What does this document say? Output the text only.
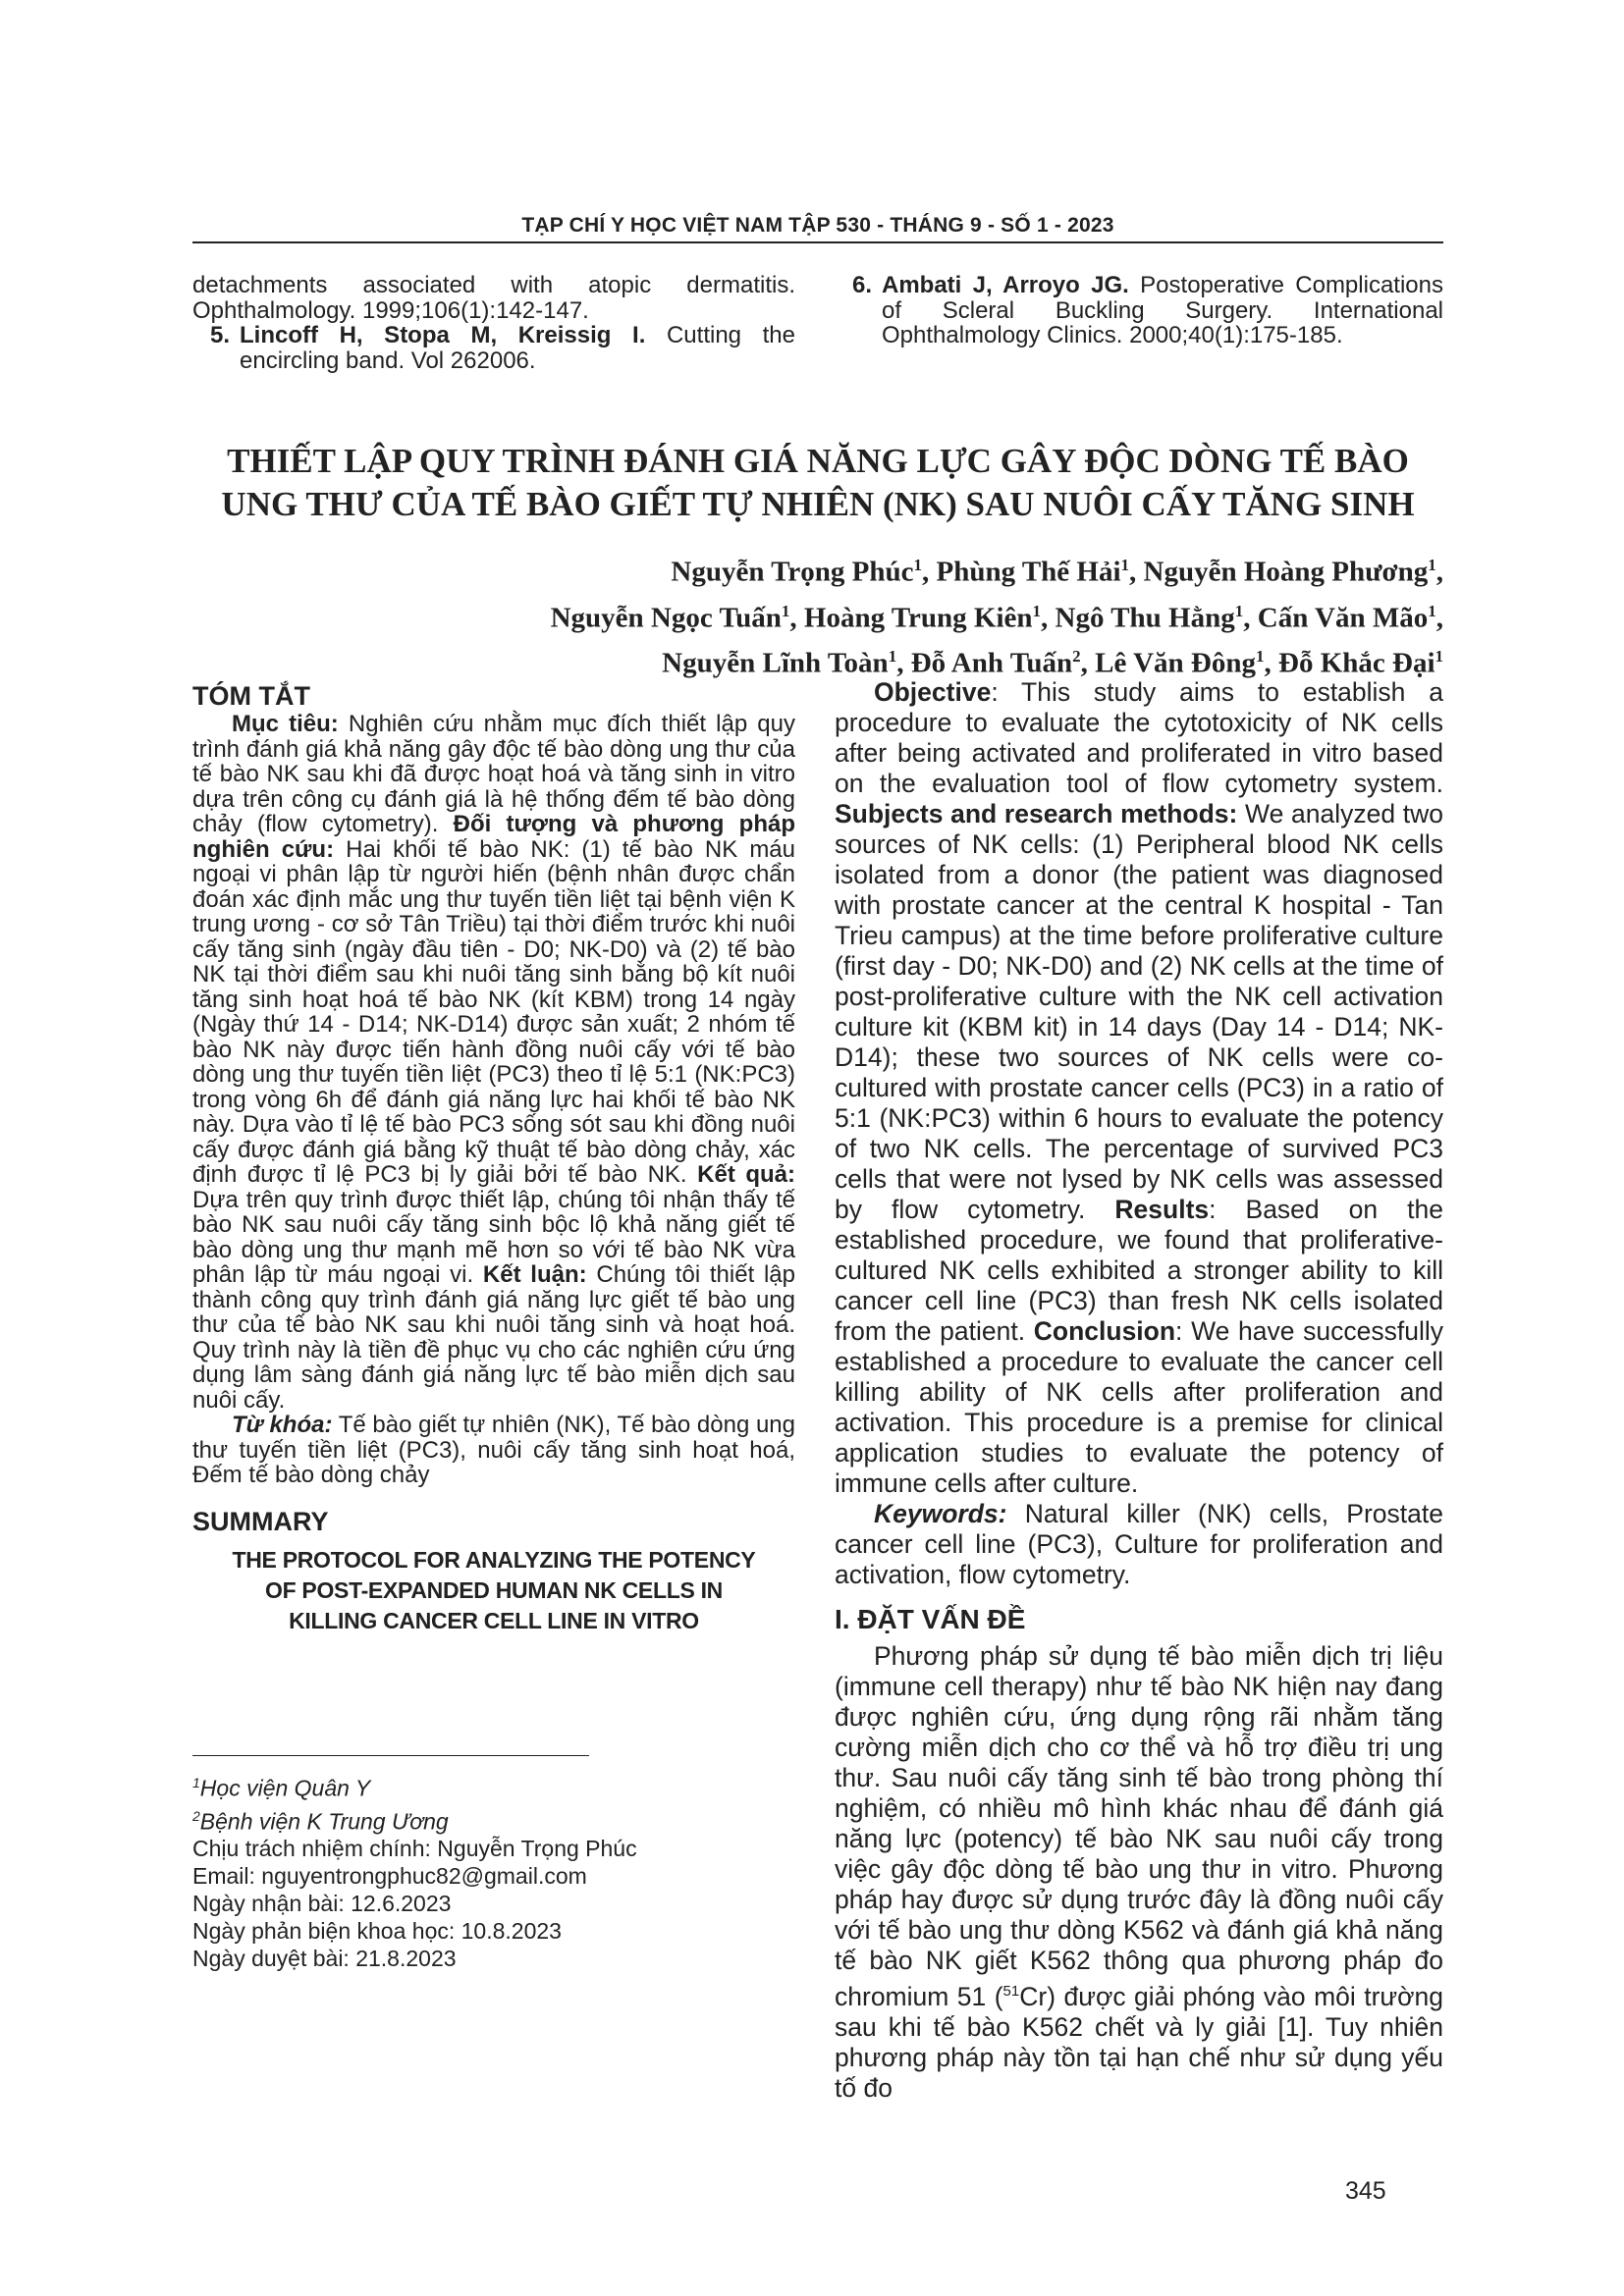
TẠP CHÍ Y HỌC VIỆT NAM TẬP 530 - THÁNG 9 - SỐ 1 - 2023
detachments associated with atopic dermatitis. Ophthalmology. 1999;106(1):142-147.
5. Lincoff H, Stopa M, Kreissig I. Cutting the encircling band. Vol 262006.
6. Ambati J, Arroyo JG. Postoperative Complications of Scleral Buckling Surgery. International Ophthalmology Clinics. 2000;40(1):175-185.
THIẾT LẬP QUY TRÌNH ĐÁNH GIÁ NĂNG LỰC GÂY ĐỘC DÒNG TẾ BÀO
UNG THƯ CỦA TẾ BÀO GIẾT TỰ NHIÊN (NK) SAU NUÔI CẤY TĂNG SINH
Nguyễn Trọng Phúc$^1$, Phùng Thế Hải$^1$, Nguyễn Hoàng Phương$^1$,
Nguyễn Ngọc Tuấn$^1$, Hoàng Trung Kiên$^1$, Ngô Thu Hằng$^1$, Cấn Văn Mão$^1$,
Nguyễn Lĩnh Toàn$^1$, Đỗ Anh Tuấn$^2$, Lê Văn Đông$^1$, Đỗ Khắc Đại$^1$
TÓM TẮT

Mục tiêu: Nghiên cứu nhằm mục đích thiết lập quy trình đánh giá khả năng gây độc tế bào dòng ung thư của tế bào NK sau khi đã được hoạt hoá và tăng sinh in vitro dựa trên công cụ đánh giá là hệ thống đếm tế bào dòng chảy (flow cytometry). Đối tượng và phương pháp nghiên cứu: Hai khối tế bào NK: (1) tế bào NK máu ngoại vi phân lập từ người hiến (bệnh nhân được chẩn đoán xác định mắc ung thư tuyến tiền liệt tại bệnh viện K trung ương - cơ sở Tân Triều) tại thời điểm trước khi nuôi cấy tăng sinh (ngày đầu tiên - D0; NK-D0) và (2) tế bào NK tại thời điểm sau khi nuôi tăng sinh bằng bộ kít nuôi tăng sinh hoạt hoá tế bào NK (kít KBM) trong 14 ngày (Ngày thứ 14 - D14; NK-D14) được sản xuất; 2 nhóm tế bào NK này được tiến hành đồng nuôi cấy với tế bào dòng ung thư tuyến tiền liệt (PC3) theo tỉ lệ 5:1 (NK:PC3) trong vòng 6h để đánh giá năng lực hai khối tế bào NK này. Dựa vào tỉ lệ tế bào PC3 sống sót sau khi đồng nuôi cấy được đánh giá bằng kỹ thuật tế bào dòng chảy, xác định được tỉ lệ PC3 bị ly giải bởi tế bào NK. Kết quả: Dựa trên quy trình được thiết lập, chúng tôi nhận thấy tế bào NK sau nuôi cấy tăng sinh bộc lộ khả năng giết tế bào dòng ung thư mạnh mẽ hơn so với tế bào NK vừa phân lập từ máu ngoại vi. Kết luận: Chúng tôi thiết lập thành công quy trình đánh giá năng lực giết tế bào ung thư của tế bào NK sau khi nuôi tăng sinh và hoạt hoá. Quy trình này là tiền đề phục vụ cho các nghiên cứu ứng dụng lâm sàng đánh giá năng lực tế bào miễn dịch sau nuôi cấy.

Từ khóa: Tế bào giết tự nhiên (NK), Tế bào dòng ung thư tuyến tiền liệt (PC3), nuôi cấy tăng sinh hoạt hoá, Đếm tế bào dòng chảy

SUMMARY
THE PROTOCOL FOR ANALYZING THE POTENCY
OF POST-EXPANDED HUMAN NK CELLS IN
KILLING CANCER CELL LINE IN VITRO
$^1$Học viện Quân Y
$^2$Bệnh viện K Trung Ương
Chịu trách nhiệm chính: Nguyễn Trọng Phúc
Email: nguyentrongphuc82@gmail.com
Ngày nhận bài: 12.6.2023
Ngày phản biện khoa học: 10.8.2023
Ngày duyệt bài: 21.8.2023

Objective: This study aims to establish a procedure to evaluate the cytotoxicity of NK cells after being activated and proliferated in vitro based on the evaluation tool of flow cytometry system. Subjects and research methods: We analyzed two sources of NK cells: (1) Peripheral blood NK cells isolated from a donor (the patient was diagnosed with prostate cancer at the central K hospital - Tan Trieu campus) at the time before proliferative culture (first day - D0; NK-D0) and (2) NK cells at the time of post-proliferative culture with the NK cell activation culture kit (KBM kit) in 14 days (Day 14 - D14; NK-D14); these two sources of NK cells were co-cultured with prostate cancer cells (PC3) in a ratio of 5:1 (NK:PC3) within 6 hours to evaluate the potency of two NK cells. The percentage of survived PC3 cells that were not lysed by NK cells was assessed by flow cytometry. Results: Based on the established procedure, we found that proliferative-cultured NK cells exhibited a stronger ability to kill cancer cell line (PC3) than fresh NK cells isolated from the patient. Conclusion: We have successfully established a procedure to evaluate the cancer cell killing ability of NK cells after proliferation and activation. This procedure is a premise for clinical application studies to evaluate the potency of immune cells after culture.

Keywords: Natural killer (NK) cells, Prostate cancer cell line (PC3), Culture for proliferation and activation, flow cytometry.

I. ĐẶT VẤN ĐỀ

Phương pháp sử dụng tế bào miễn dịch trị liệu (immune cell therapy) như tế bào NK hiện nay đang được nghiên cứu, ứng dụng rộng rãi nhằm tăng cường miễn dịch cho cơ thể và hỗ trợ điều trị ung thư. Sau nuôi cấy tăng sinh tế bào trong phòng thí nghiệm, có nhiều mô hình khác nhau để đánh giá năng lực (potency) tế bào NK sau nuôi cấy trong việc gây độc dòng tế bào ung thư in vitro. Phương pháp hay được sử dụng trước đây là đồng nuôi cấy với tế bào ung thư dòng K562 và đánh giá khả năng tế bào NK giết K562 thông qua phương pháp đo chromium 51 ($^{51}$Cr) được giải phóng vào môi trường sau khi tế bào K562 chết và ly giải [1]. Tuy nhiên phương pháp này tồn tại hạn chế như sử dụng yếu tố đo

345
